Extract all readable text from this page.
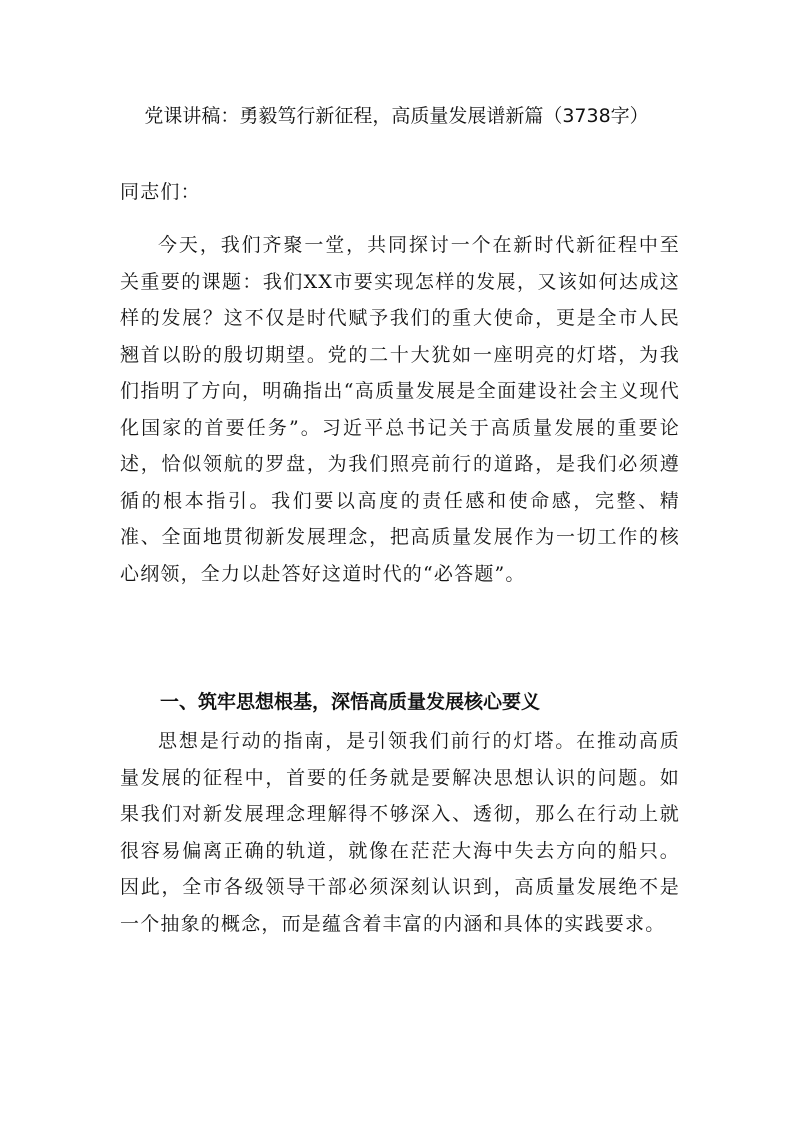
党课讲稿：勇毅笃行新征程，高质量发展谱新篇（3738字）
同志们：

今天，我们齐聚一堂，共同探讨一个在新时代新征程中至关重要的课题：我们XX市要实现怎样的发展，又该如何达成这样的发展？这不仅是时代赋予我们的重大使命，更是全市人民翘首以盼的殷切期望。党的二十大犹如一座明亮的灯塔，为我们指明了方向，明确指出“高质量发展是全面建设社会主义现代化国家的首要任务”。习近平总书记关于高质量发展的重要论述，恰似领航的罗盘，为我们照亮前行的道路，是我们必须遵循的根本指引。我们要以高度的责任感和使命感，完整、精准、全面地贯彻新发展理念，把高质量发展作为一切工作的核心纲领，全力以赴答好这道时代的“必答题”。

一、筑牢思想根基，深悟高质量发展核心要义

思想是行动的指南，是引领我们前行的灯塔。在推动高质量发展的征程中，首要的任务就是要解决思想认识的问题。如果我们对新发展理念理解得不够深入、透彻，那么在行动上就很容易偏离正确的轨道，就像在茫茫大海中失去方向的船只。因此，全市各级领导干部必须深刻认识到，高质量发展绝不是一个抽象的概念，而是蕴含着丰富的内涵和具体的实践要求。
